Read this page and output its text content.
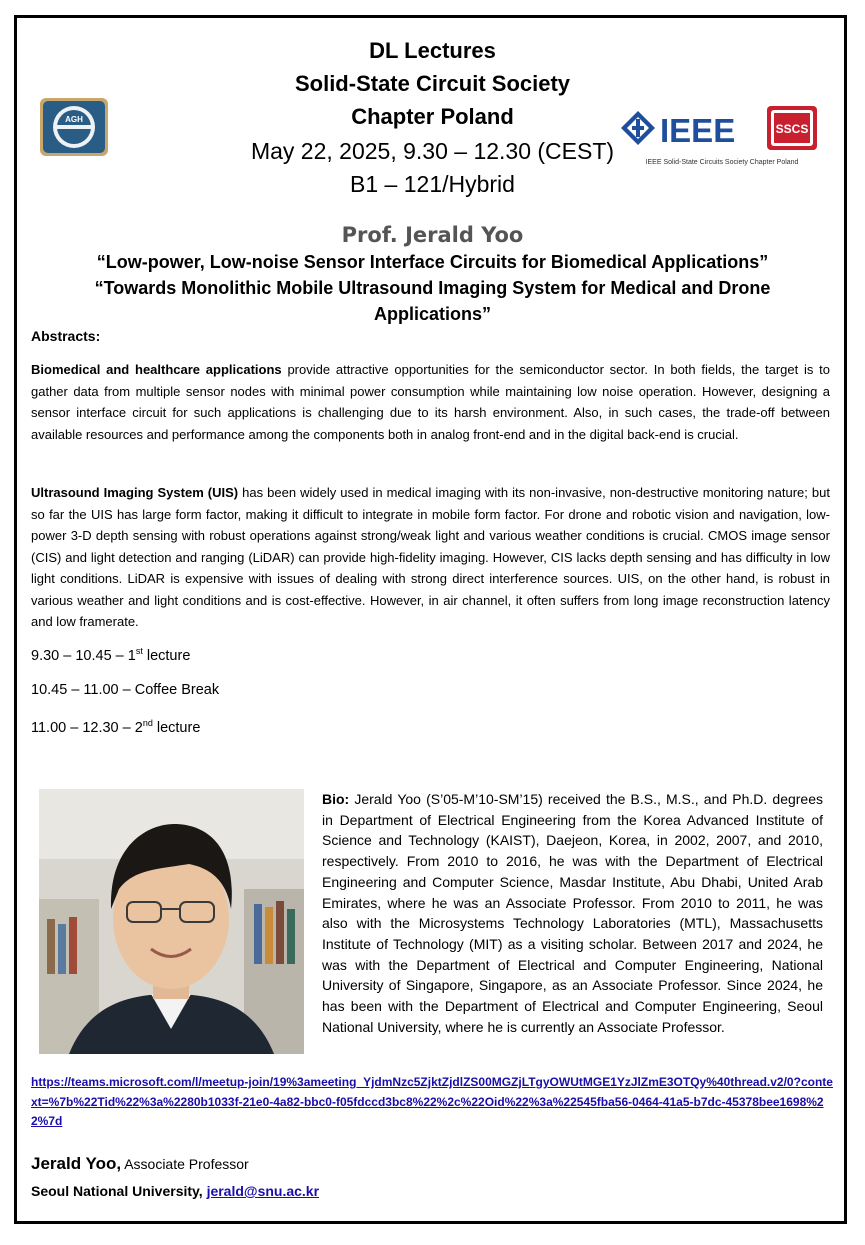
AGH	IEEE	SSCS
IEEE Solid-State Circuits Society Chapter Poland
DL Lectures
Solid-State Circuit Society
Chapter Poland
May 22, 2025, 9.30 – 12.30 (CEST)
B1 – 121/Hybrid
Prof. Jerald Yoo
“Low-power, Low-noise Sensor Interface Circuits for Biomedical Applications”
“Towards Monolithic Mobile Ultrasound Imaging System for Medical and Drone
Applications”
Abstracts:
Biomedical and healthcare applications provide attractive opportunities for the semiconductor sector. In both fields, the target is to gather data from multiple sensor nodes with minimal power consumption while maintaining low noise operation. However, designing a sensor interface circuit for such applications is challenging due to its harsh environment. Also, in such cases, the trade-off between available resources and performance among the components both in analog front-end and in the digital back-end is crucial.
Ultrasound Imaging System (UIS) has been widely used in medical imaging with its non-invasive, non-destructive monitoring nature; but so far the UIS has large form factor, making it difficult to integrate in mobile form factor. For drone and robotic vision and navigation, low-power 3-D depth sensing with robust operations against strong/weak light and various weather conditions is crucial. CMOS image sensor (CIS) and light detection and ranging (LiDAR) can provide high-fidelity imaging. However, CIS lacks depth sensing and has difficulty in low light conditions. LiDAR is expensive with issues of dealing with strong direct interference sources. UIS, on the other hand, is robust in various weather and light conditions and is cost-effective. However, in air channel, it often suffers from long image reconstruction latency and low framerate.
9.30 – 10.45 – 1st lecture
10.45 – 11.00 – Coffee Break
11.00 – 12.30 – 2nd lecture
Bio: Jerald Yoo (S’05-M’10-SM’15) received the B.S., M.S., and Ph.D. degrees in Department of Electrical Engineering from the Korea Advanced Institute of Science and Technology (KAIST), Daejeon, Korea, in 2002, 2007, and 2010, respectively. From 2010 to 2016, he was with the Department of Electrical Engineering and Computer Science, Masdar Institute, Abu Dhabi, United Arab Emirates, where he was an Associate Professor. From 2010 to 2011, he was also with the Microsystems Technology Laboratories (MTL), Massachusetts Institute of Technology (MIT) as a visiting scholar. Between 2017 and 2024, he was with the Department of Electrical and Computer Engineering, National University of Singapore, Singapore, as an Associate Professor. Since 2024, he has been with the Department of Electrical and Computer Engineering, Seoul National University, where he is currently an Associate Professor.
https://teams.microsoft.com/l/meetup-join/19%3ameeting_YjdmNzc5ZjktZjdlZS00MGZjLTgyOWUtMGE1YzJlZmE3OTQy%40thread.v2/0?context=%7b%22Tid%22%3a%2280b1033f-21e0-4a82-bbc0-f05fdccd3bc8%22%2c%22Oid%22%3a%22545fba56-0464-41a5-b7dc-45378bee1698%22%7d
Jerald Yoo, Associate Professor
Seoul National University, jerald@snu.ac.kr
